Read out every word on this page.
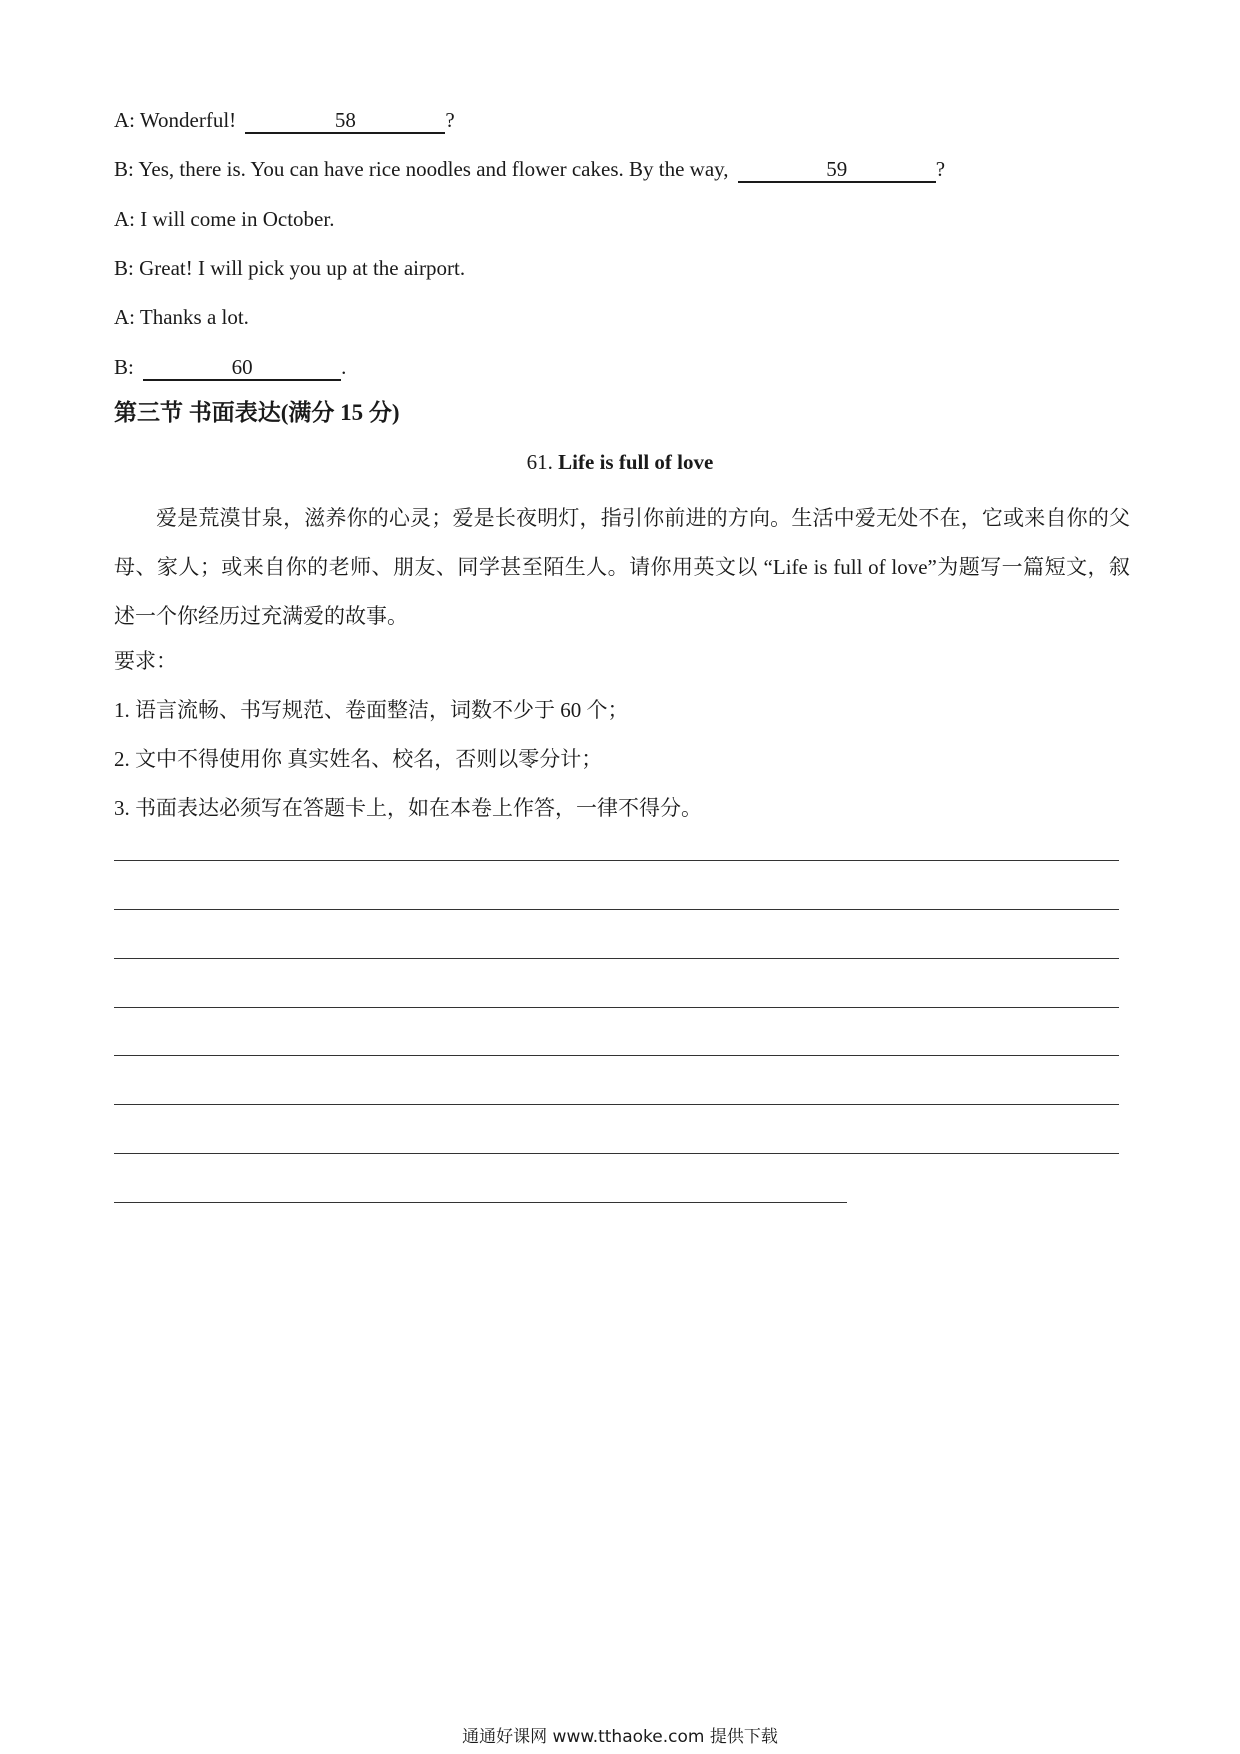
A: Wonderful!	58	?
B: Yes, there is. You can have rice noodles and flower cakes. By the way,	59	?
A: I will come in October.
B: Great! I will pick you up at the airport.
A: Thanks a lot.
B:	60	.
第三节 书面表达(满分 15 分)
61. Life is full of love
爱是荒漠甘泉，滋养你的心灵；爱是长夜明灯，指引你前进的方向。生活中爱无处不在，它或来自你的父母、家人；或来自你的老师、朋友、同学甚至陌生人。请你用英文以 “Life is full of love”为题写一篇短文，叙述一个你经历过充满爱的故事。
要求：
1. 语言流畅、书写规范、卷面整洁，词数不少于 60 个；
2. 文中不得使用你 真实姓名、校名，否则以零分计；
3. 书面表达必须写在答题卡上，如在本卷上作答，一律不得分。
通通好课网 www.tthaoke.com 提供下载
